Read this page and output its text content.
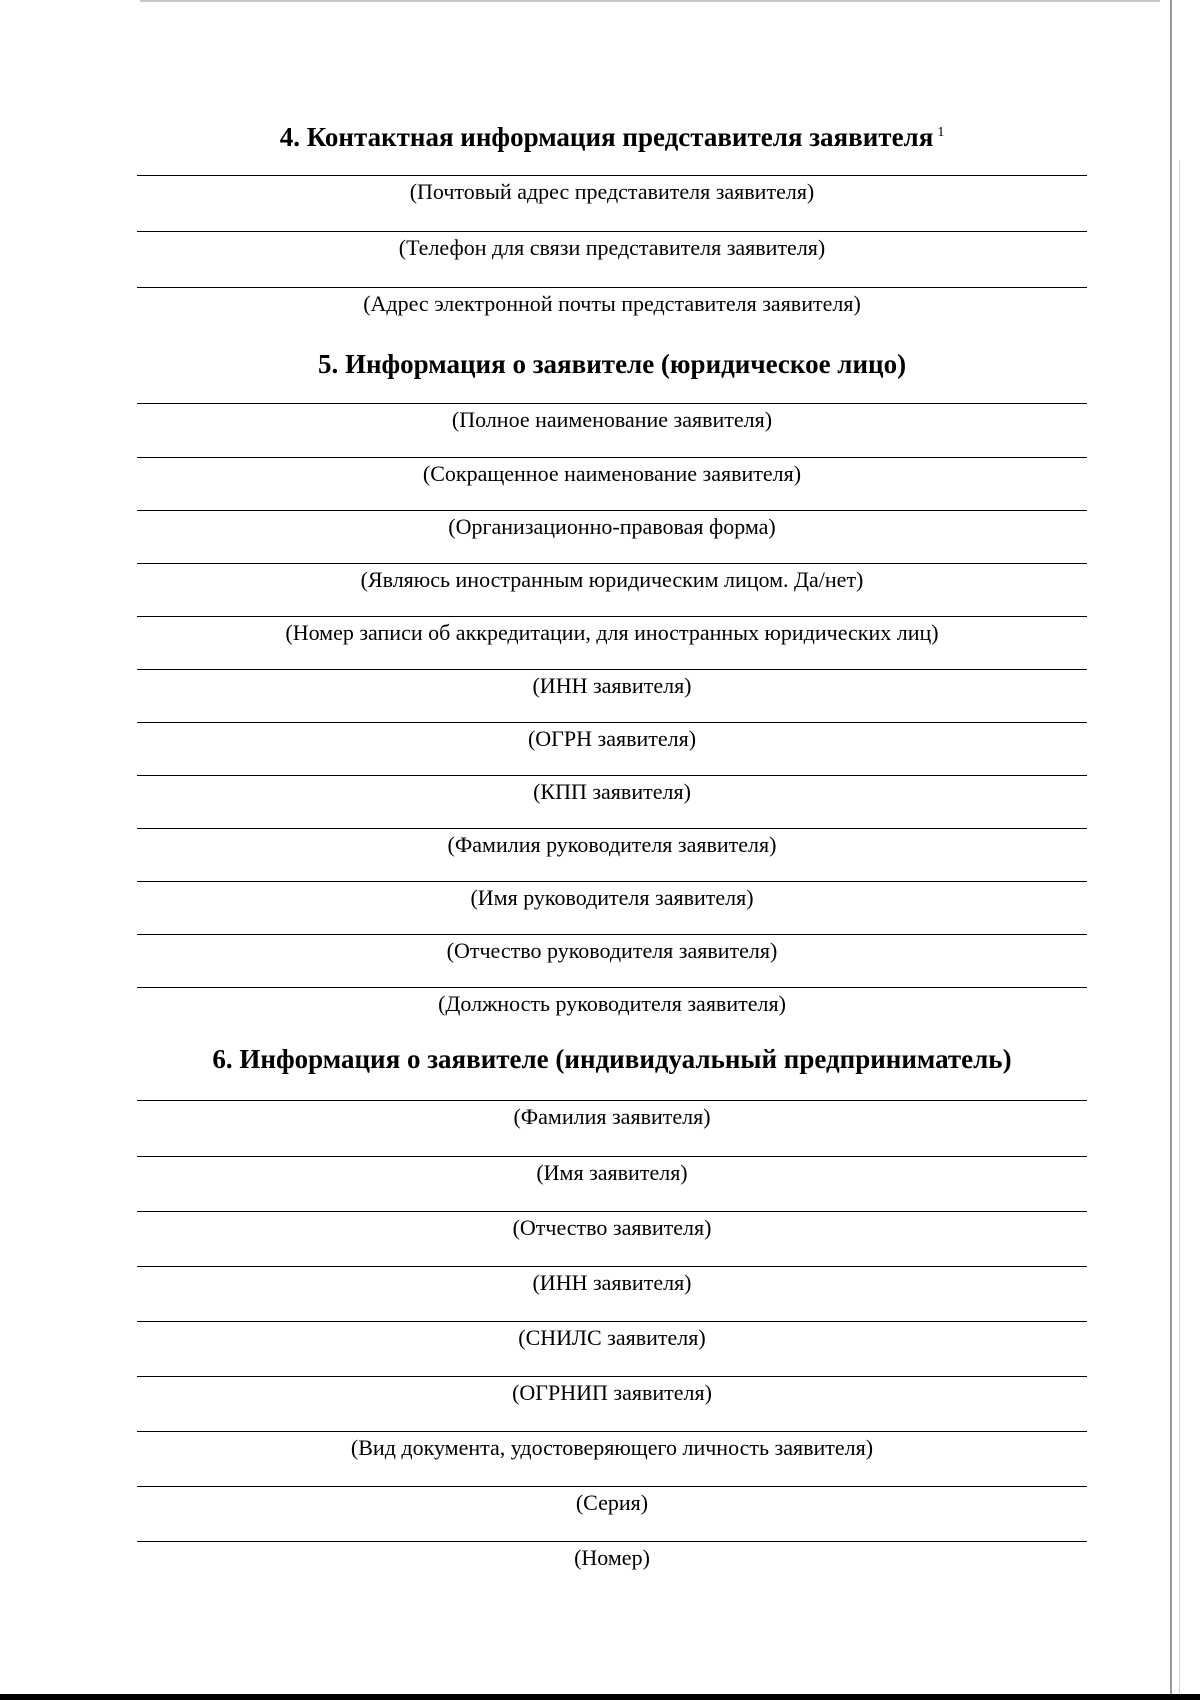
4. Контактная информация представителя заявителя $^1$
(Почтовый адрес представителя заявителя)
(Телефон для связи представителя заявителя)
(Адрес электронной почты представителя заявителя)
5. Информация о заявителе (юридическое лицо)
(Полное наименование заявителя)
(Сокращенное наименование заявителя)
(Организационно-правовая форма)
(Являюсь иностранным юридическим лицом. Да/нет)
(Номер записи об аккредитации, для иностранных юридических лиц)
(ИНН заявителя)
(ОГРН заявителя)
(КПП заявителя)
(Фамилия руководителя заявителя)
(Имя руководителя заявителя)
(Отчество руководителя заявителя)
(Должность руководителя заявителя)
6. Информация о заявителе (индивидуальный предприниматель)
(Фамилия заявителя)
(Имя заявителя)
(Отчество заявителя)
(ИНН заявителя)
(СНИЛС заявителя)
(ОГРНИП заявителя)
(Вид документа, удостоверяющего личность заявителя)
(Серия)
(Номер)
